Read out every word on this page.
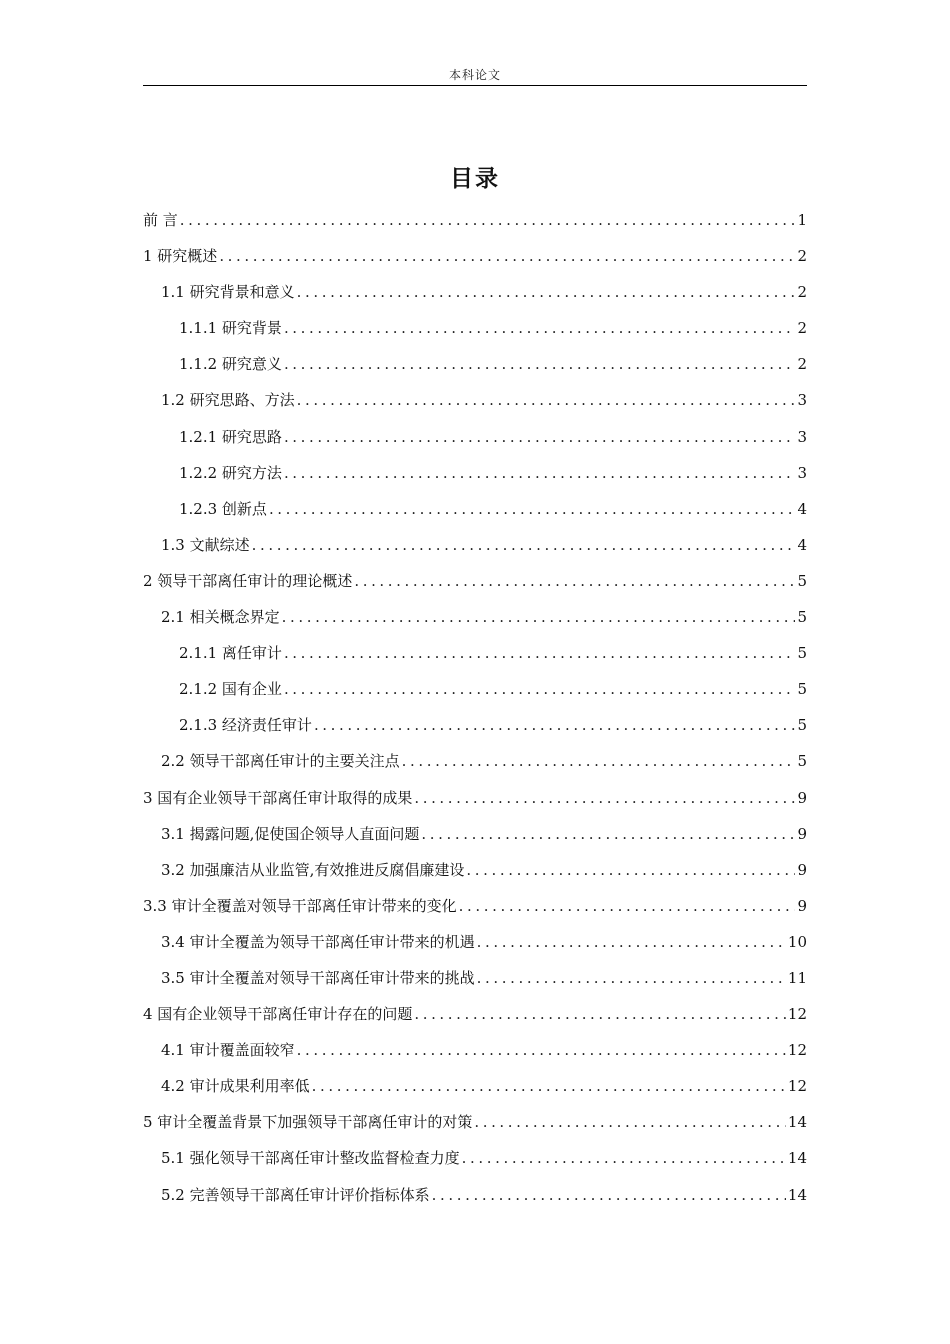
本科论文
目录
前 言 .....	1
1 研究概述 .....	2
1.1 研究背景和意义 .....	2
1.1.1 研究背景 .....	2
1.1.2 研究意义 .....	2
1.2 研究思路、方法 .....	3
1.2.1 研究思路 .....	3
1.2.2 研究方法 .....	3
1.2.3 创新点 .....	4
1.3 文献综述 .....	4
2 领导干部离任审计的理论概述 .....	5
2.1 相关概念界定 .....	5
2.1.1 离任审计 .....	5
2.1.2 国有企业 .....	5
2.1.3 经济责任审计 .....	5
2.2 领导干部离任审计的主要关注点 .....	5
3 国有企业领导干部离任审计取得的成果 .....	9
3.1 揭露问题,促使国企领导人直面问题 .....	9
3.2 加强廉洁从业监管,有效推进反腐倡廉建设 .....	9
3.3 审计全覆盖对领导干部离任审计带来的变化 .....	9
3.4 审计全覆盖为领导干部离任审计带来的机遇 .....	10
3.5 审计全覆盖对领导干部离任审计带来的挑战 .....	11
4 国有企业领导干部离任审计存在的问题 .....	12
4.1 审计覆盖面较窄 .....	12
4.2 审计成果利用率低 .....	12
5 审计全覆盖背景下加强领导干部离任审计的对策 .....	14
5.1 强化领导干部离任审计整改监督检查力度 .....	14
5.2 完善领导干部离任审计评价指标体系 .....	14
